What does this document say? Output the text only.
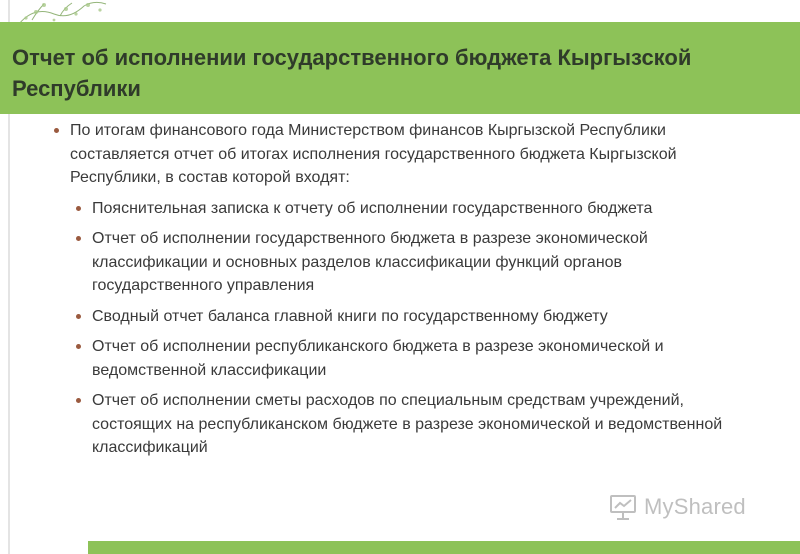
Отчет об исполнении государственного бюджета Кыргызской Республики
По итогам финансового года Министерством финансов Кыргызской Республики составляется отчет об итогах исполнения государственного бюджета Кыргызской Республики, в состав которой входят:
Пояснительная записка к отчету об исполнении государственного бюджета
Отчет об исполнении государственного бюджета в разрезе экономической классификации и основных разделов классификации функций органов государственного управления
Сводный отчет баланса главной книги по государственному бюджету
Отчет об исполнении республиканского бюджета в разрезе экономической и ведомственной классификации
Отчет об исполнении сметы расходов по специальным средствам учреждений, состоящих на республиканском бюджете в разрезе экономической и ведомственной классификаций
MyShared
